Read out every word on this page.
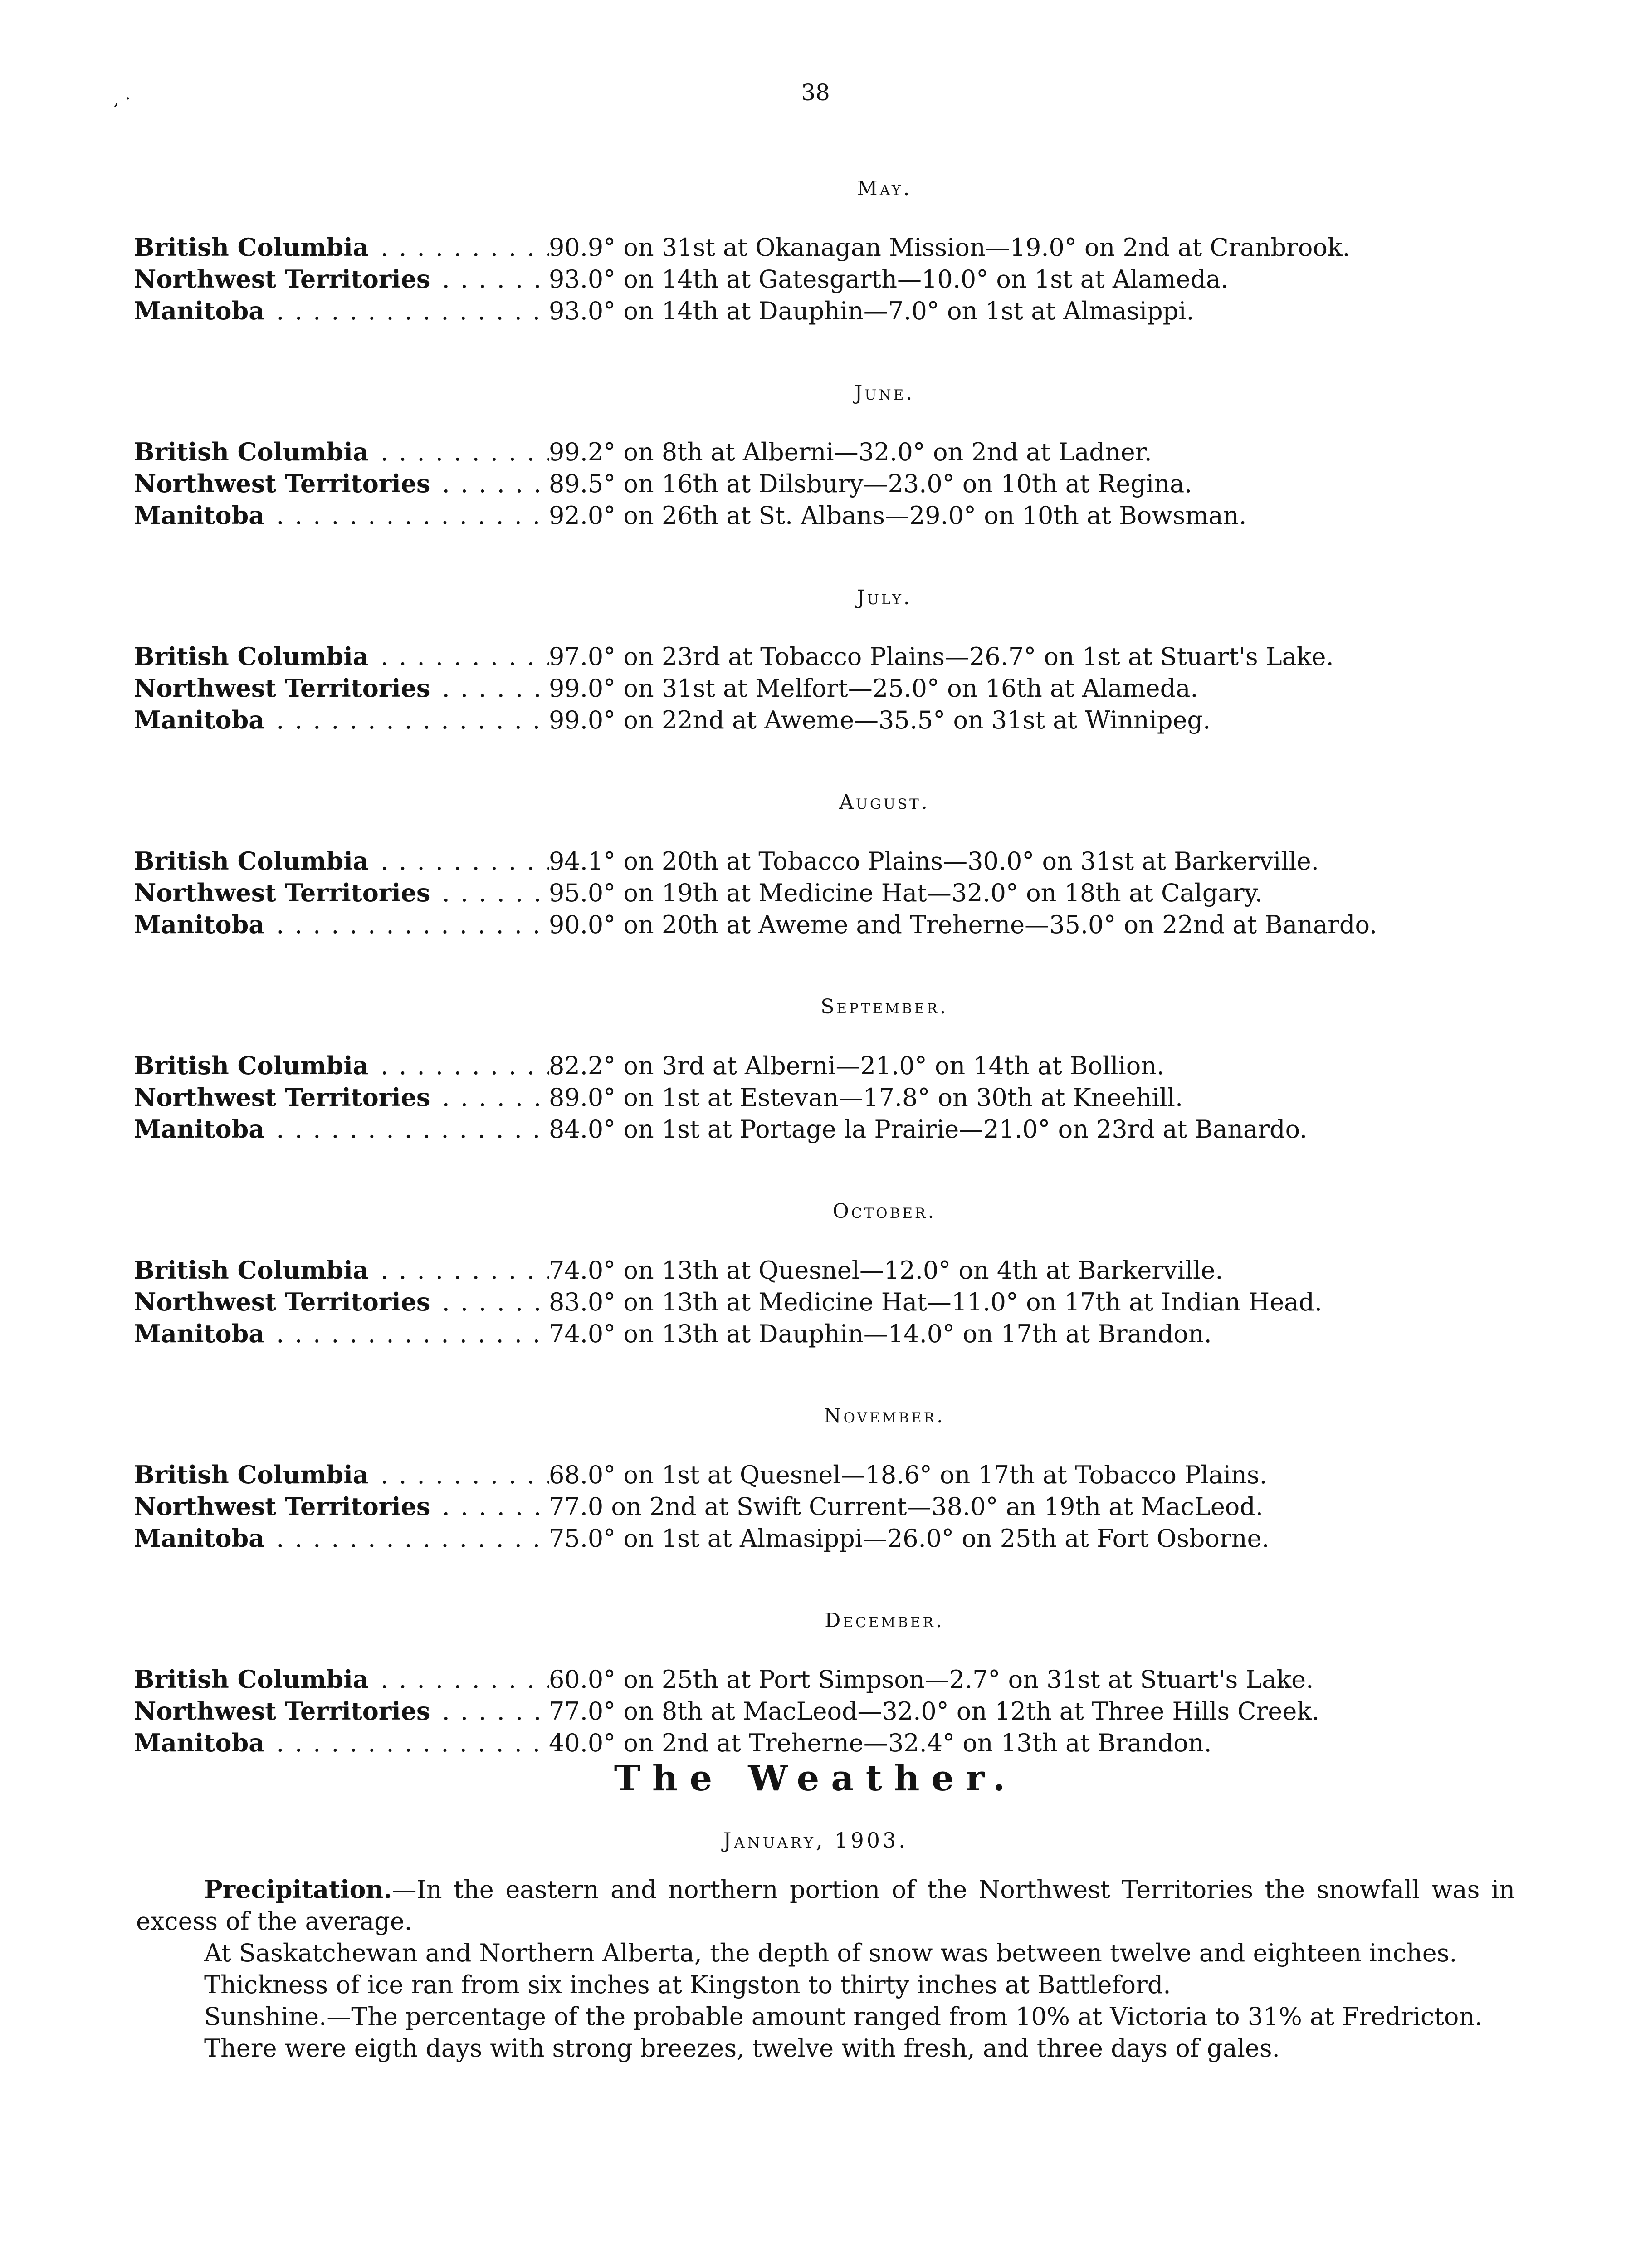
38
‚ ·
May.
British Columbia . . .	90.9° on 31st at Okanagan Mission—19.0° on 2nd at Cranbrook.
Northwest Territories . . .	93.0° on 14th at Gatesgarth—10.0° on 1st at Alameda.
Manitoba . . .	93.0° on 14th at Dauphin—7.0° on 1st at Almasippi.
June.
British Columbia . . .	99.2° on 8th at Alberni—32.0° on 2nd at Ladner.
Northwest Territories . . .	89.5° on 16th at Dilsbury—23.0° on 10th at Regina.
Manitoba . . .	92.0° on 26th at St. Albans—29.0° on 10th at Bowsman.
July.
British Columbia . . .	97.0° on 23rd at Tobacco Plains—26.7° on 1st at Stuart's Lake.
Northwest Territories . . .	99.0° on 31st at Melfort—25.0° on 16th at Alameda.
Manitoba . . .	99.0° on 22nd at Aweme—35.5° on 31st at Winnipeg.
August.
British Columbia . . .	94.1° on 20th at Tobacco Plains—30.0° on 31st at Barkerville.
Northwest Territories . . .	95.0° on 19th at Medicine Hat—32.0° on 18th at Calgary.
Manitoba . . .	90.0° on 20th at Aweme and Treherne—35.0° on 22nd at Banardo.
September.
British Columbia . . .	82.2° on 3rd at Alberni—21.0° on 14th at Bollion.
Northwest Territories . . .	89.0° on 1st at Estevan—17.8° on 30th at Kneehill.
Manitoba . . .	84.0° on 1st at Portage la Prairie—21.0° on 23rd at Banardo.
October.
British Columbia . . .	74.0° on 13th at Quesnel—12.0° on 4th at Barkerville.
Northwest Territories . . .	83.0° on 13th at Medicine Hat—11.0° on 17th at Indian Head.
Manitoba . . .	74.0° on 13th at Dauphin—14.0° on 17th at Brandon.
November.
British Columbia . . .	68.0° on 1st at Quesnel—18.6° on 17th at Tobacco Plains.
Northwest Territories . . .	77.0 on 2nd at Swift Current—38.0° an 19th at MacLeod.
Manitoba . . .	75.0° on 1st at Almasippi—26.0° on 25th at Fort Osborne.
December.
British Columbia . . .	60.0° on 25th at Port Simpson—2.7° on 31st at Stuart's Lake.
Northwest Territories . . .	77.0° on 8th at MacLeod—32.0° on 12th at Three Hills Creek.
Manitoba . . .	40.0° on 2nd at Treherne—32.4° on 13th at Brandon.
The Weather.
January, 1903.

Precipitation.—In the eastern and northern portion of the Northwest Territories the snowfall was in excess of the average.

At Saskatchewan and Northern Alberta, the depth of snow was between twelve and eighteen inches.

Thickness of ice ran from six inches at Kingston to thirty inches at Battleford.

Sunshine.—The percentage of the probable amount ranged from 10% at Victoria to 31% at Fredricton.

There were eigth days with strong breezes, twelve with fresh, and three days of gales.
